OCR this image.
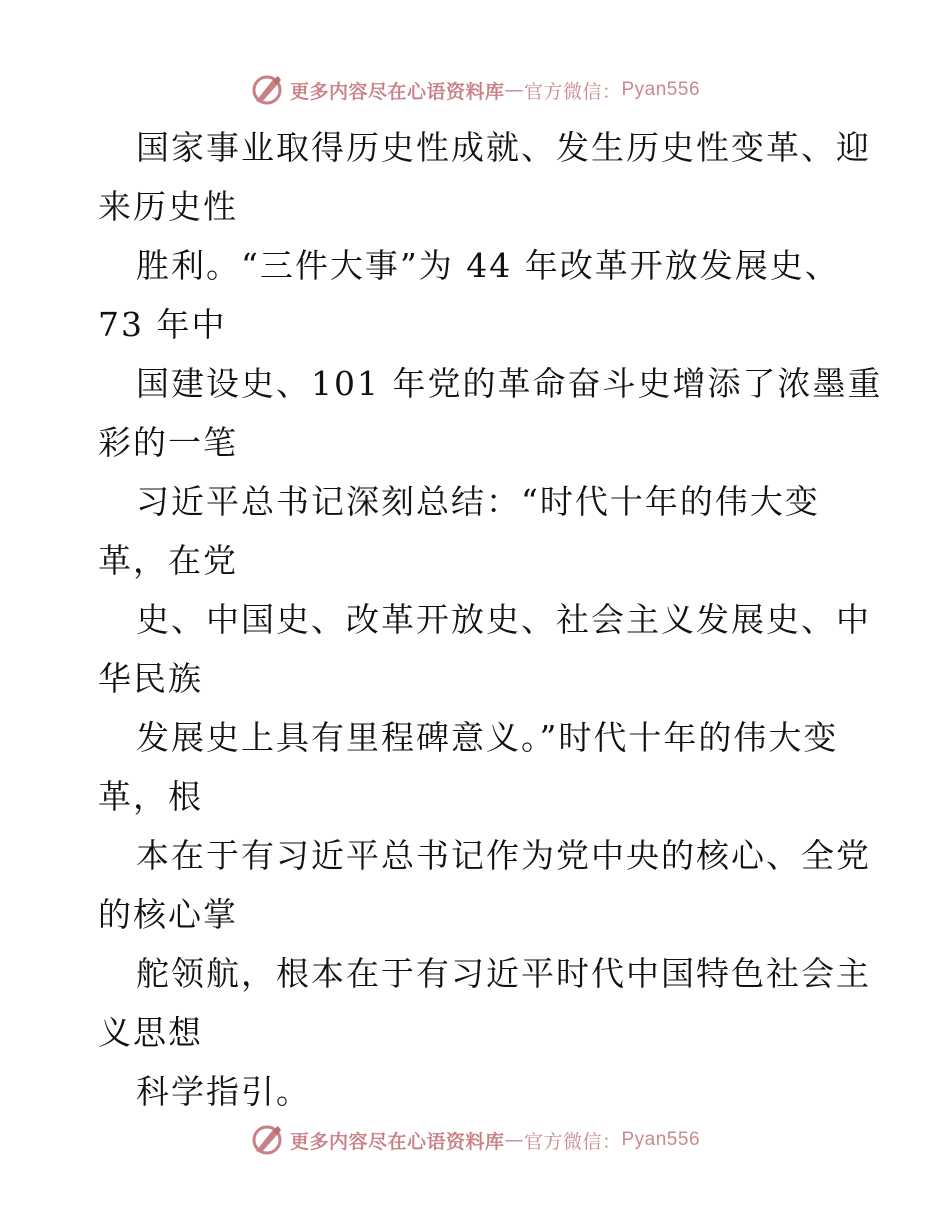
更多内容尽在心语资料库 — 官方微信： Pyan556
国家事业取得历史性成就、发生历史性变革、迎
来历史性
胜利。“三件大事”为 44 年改革开放发展史、
73 年中
国建设史、101 年党的革命奋斗史增添了浓墨重
彩的一笔
习近平总书记深刻总结：“时代十年的伟大变
革，在党
史、中国史、改革开放史、社会主义发展史、中
华民族
发展史上具有里程碑意义。”时代十年的伟大变
革，根
本在于有习近平总书记作为党中央的核心、全党
的核心掌
舵领航，根本在于有习近平时代中国特色社会主
义思想
科学指引。
更多内容尽在心语资料库 — 官方微信： Pyan556
